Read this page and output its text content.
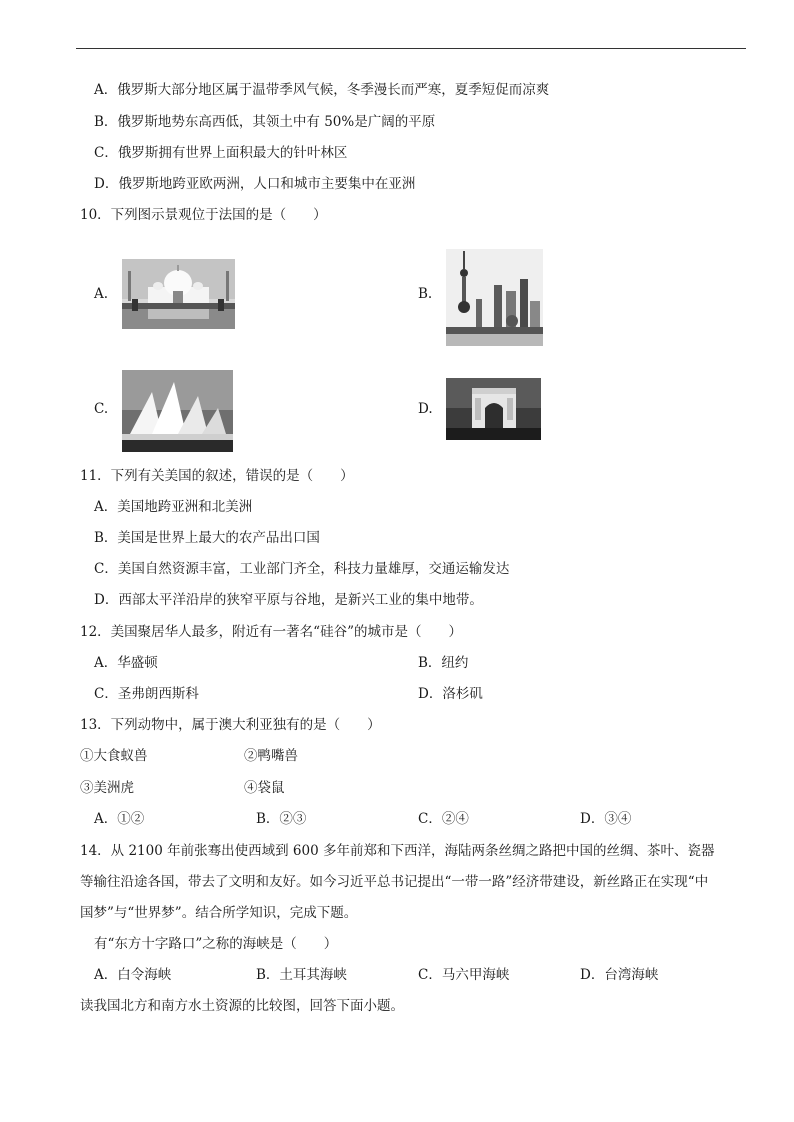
A．俄罗斯大部分地区属于温带季风气候，冬季漫长而严寒，夏季短促而凉爽
B．俄罗斯地势东高西低，其领土中有 50%是广阔的平原
C．俄罗斯拥有世界上面积最大的针叶林区
D．俄罗斯地跨亚欧两洲，人口和城市主要集中在亚洲
10．下列图示景观位于法国的是（　　）
A.	B.
C.	D.
11．下列有关美国的叙述，错误的是（　　）
A．美国地跨亚洲和北美洲
B．美国是世界上最大的农产品出口国
C．美国自然资源丰富，工业部门齐全，科技力量雄厚，交通运输发达
D．西部太平洋沿岸的狭窄平原与谷地，是新兴工业的集中地带。
12．美国聚居华人最多，附近有一著名“硅谷”的城市是（　　）
A．华盛顿	B．纽约
C．圣弗朗西斯科	D．洛杉矶
13．下列动物中，属于澳大利亚独有的是（　　）
①大食蚁兽	②鸭嘴兽
③美洲虎	④袋鼠
A．①②	B．②③	C．②④	D．③④
14．从 2100 年前张骞出使西域到 600 多年前郑和下西洋，海陆两条丝绸之路把中国的丝绸、茶叶、瓷器
等输往沿途各国，带去了文明和友好。如今习近平总书记提出“一带一路”经济带建设，新丝路正在实现“中
国梦”与“世界梦”。结合所学知识，完成下题。
有“东方十字路口”之称的海峡是（　　）
A．白令海峡	B．土耳其海峡	C．马六甲海峡	D．台湾海峡
读我国北方和南方水土资源的比较图，回答下面小题。
